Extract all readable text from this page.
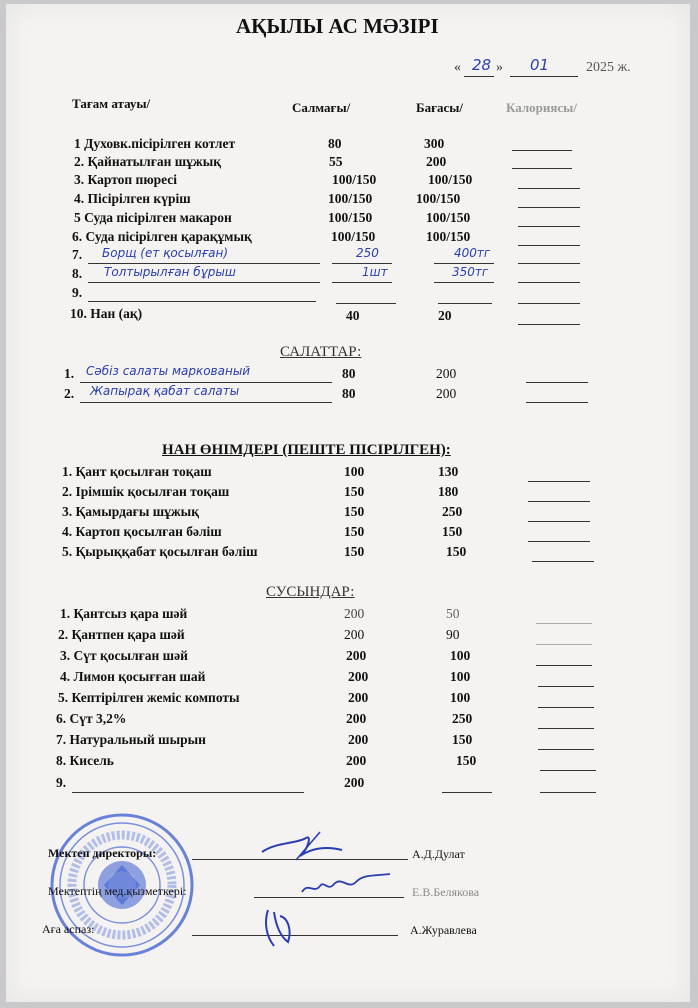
АҚЫЛЫ АС МӘЗІРІ
« 28 » 01	2025 ж.
Тағам атауы/	Салмағы/	Бағасы/	Калориясы/
1 Духовк.пісірілген котлет	80	300
2. Қайнатылған шұжық	55	200
3. Картоп пюресі	100/150	100/150
4. Пісірілген күріш	100/150	100/150
5 Суда пісірілген макарон	100/150	100/150
6. Суда пісірілген қарақұмық	100/150	100/150
7. Борщ (ет қосылған)	250	400тг
8. Толтырылған бұрыш	1шт	350тг
9.
10. Нан (ақ)	40	20
САЛАТТАР:
1. Сәбіз салаты маркованый	80	200
2. Жапырақ қабат салаты	80	200
НАН ӨНІМДЕРІ (ПЕШТЕ ПІСІРІЛГЕН):
1. Қант қосылған тоқаш	100	130
2. Ірімшік қосылған тоқаш	150	180
3. Қамырдағы шұжық	150	250
4. Картоп қосылған бәліш	150	150
5. Қырыққабат қосылған бәліш	150	150
СУСЫНДАР:
1. Қантсыз қара шәй	200	50
2. Қантпен қара шәй	200	90
3. Сүт қосылған шәй	200	100
4. Лимон қосығған шай	200	100
5. Кептірілген жеміс компоты	200	100
6. Сүт 3,2%	200	250
7. Натуральный шырын	200	150
8. Кисель	200	150
9.	200
Мектеп директоры:	А.Д.Дулат
Мектептің мед.қызметкері:	Е.В.Белякова
Аға аспаз:	А.Журавлева
